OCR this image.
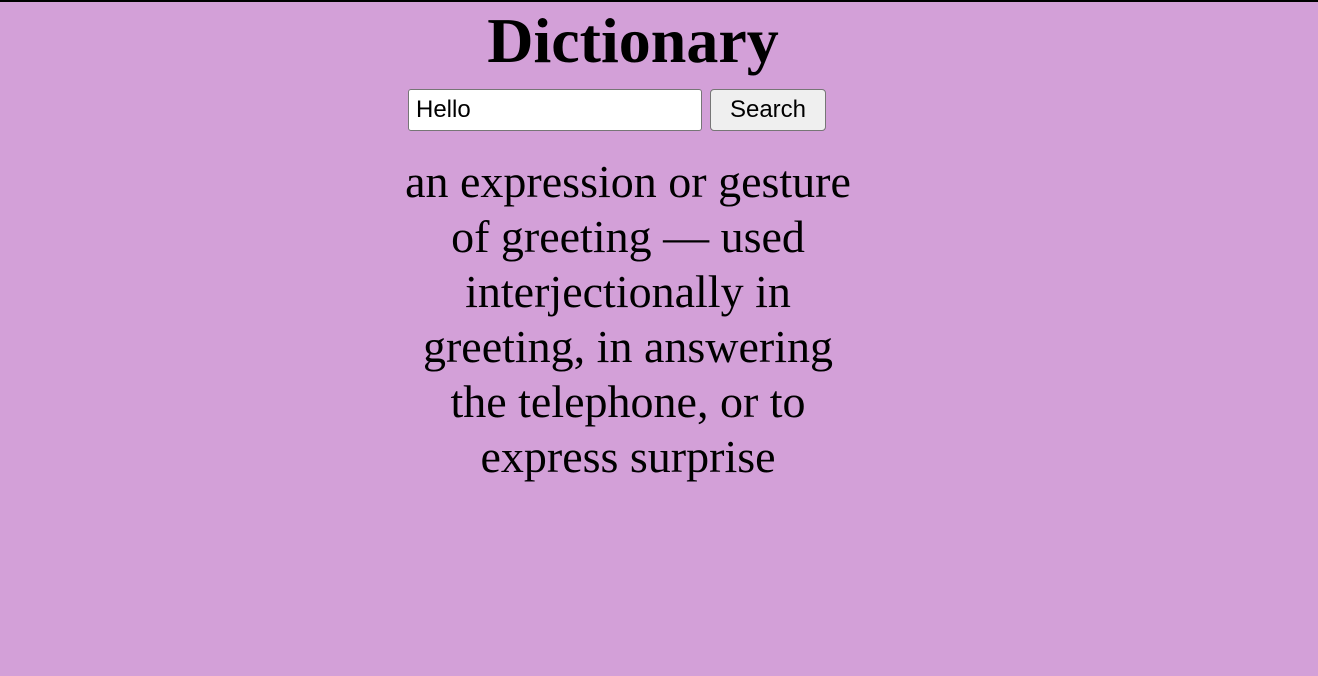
Dictionary
Hello
Search

an expression or gesture of greeting — used interjectionally in greeting, in answering the telephone, or to express surprise
